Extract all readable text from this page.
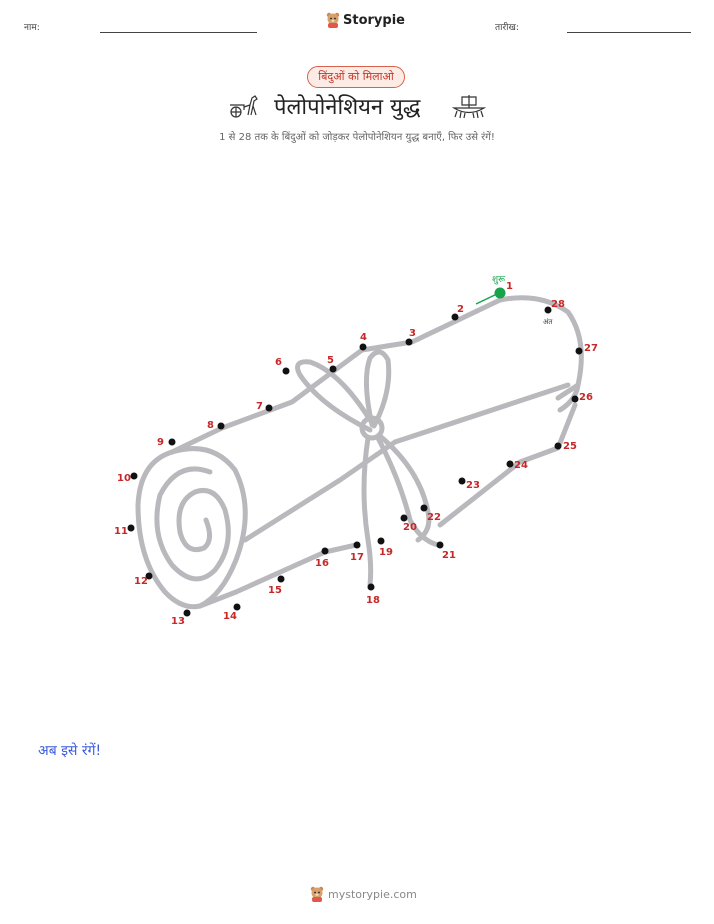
नाम:
Storypie
तारीख:
बिंदुओं को मिलाओ
पेलोपोनेशियन युद्ध
1 से 28 तक के बिंदुओं को जोड़कर पेलोपोनेशियन युद्ध बनाएँ, फिर उसे रंगें!
1
2
3
4
5
6
7
8
9
10
11
12
13	14
15
16
17
18
19
20
21
22
23
24
25
26
27
28
शुरू
अंत
अब इसे रंगें!
mystorypie.com
